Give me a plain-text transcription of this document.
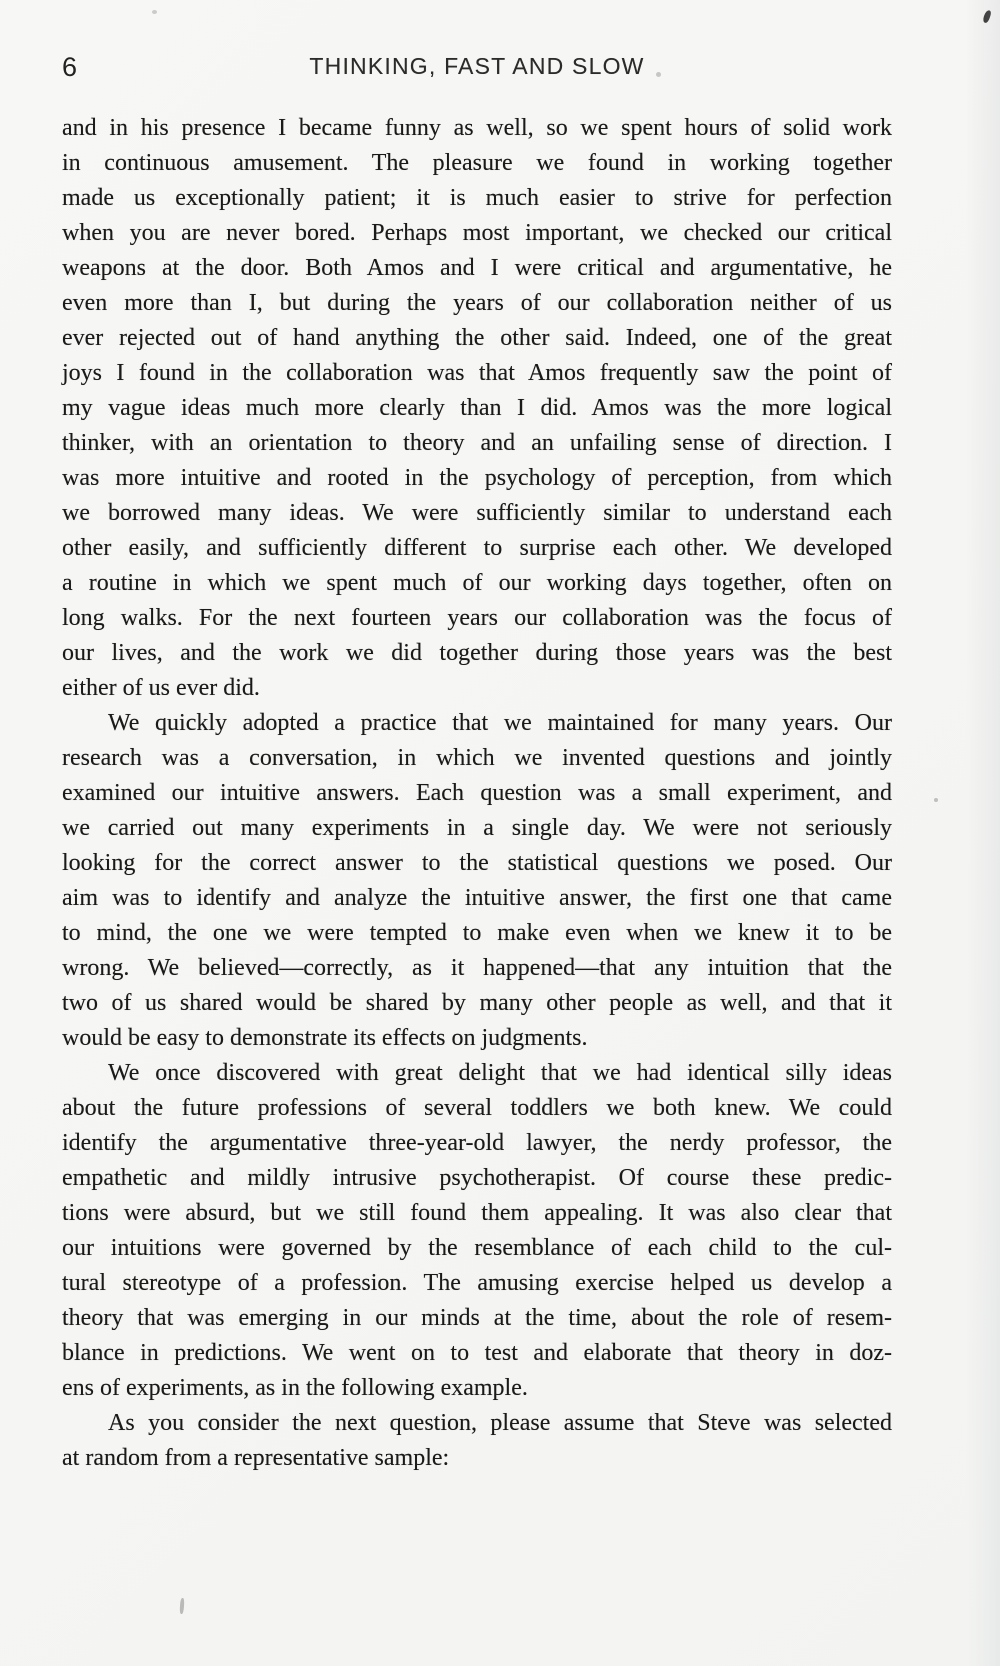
6	THINKING, FAST AND SLOW
and in his presence I became funny as well, so we spent hours of solid work
in continuous amusement. The pleasure we found in working together
made us exceptionally patient; it is much easier to strive for perfection
when you are never bored. Perhaps most important, we checked our critical
weapons at the door. Both Amos and I were critical and argumentative, he
even more than I, but during the years of our collaboration neither of us
ever rejected out of hand anything the other said. Indeed, one of the great
joys I found in the collaboration was that Amos frequently saw the point of
my vague ideas much more clearly than I did. Amos was the more logical
thinker, with an orientation to theory and an unfailing sense of direction. I
was more intuitive and rooted in the psychology of perception, from which
we borrowed many ideas. We were sufficiently similar to understand each
other easily, and sufficiently different to surprise each other. We developed
a routine in which we spent much of our working days together, often on
long walks. For the next fourteen years our collaboration was the focus of
our lives, and the work we did together during those years was the best
either of us ever did.
We quickly adopted a practice that we maintained for many years. Our
research was a conversation, in which we invented questions and jointly
examined our intuitive answers. Each question was a small experiment, and
we carried out many experiments in a single day. We were not seriously
looking for the correct answer to the statistical questions we posed. Our
aim was to identify and analyze the intuitive answer, the first one that came
to mind, the one we were tempted to make even when we knew it to be
wrong. We believed—correctly, as it happened—that any intuition that the
two of us shared would be shared by many other people as well, and that it
would be easy to demonstrate its effects on judgments.
We once discovered with great delight that we had identical silly ideas
about the future professions of several toddlers we both knew. We could
identify the argumentative three-year-old lawyer, the nerdy professor, the
empathetic and mildly intrusive psychotherapist. Of course these predic-
tions were absurd, but we still found them appealing. It was also clear that
our intuitions were governed by the resemblance of each child to the cul-
tural stereotype of a profession. The amusing exercise helped us develop a
theory that was emerging in our minds at the time, about the role of resem-
blance in predictions. We went on to test and elaborate that theory in doz-
ens of experiments, as in the following example.
As you consider the next question, please assume that Steve was selected
at random from a representative sample:
